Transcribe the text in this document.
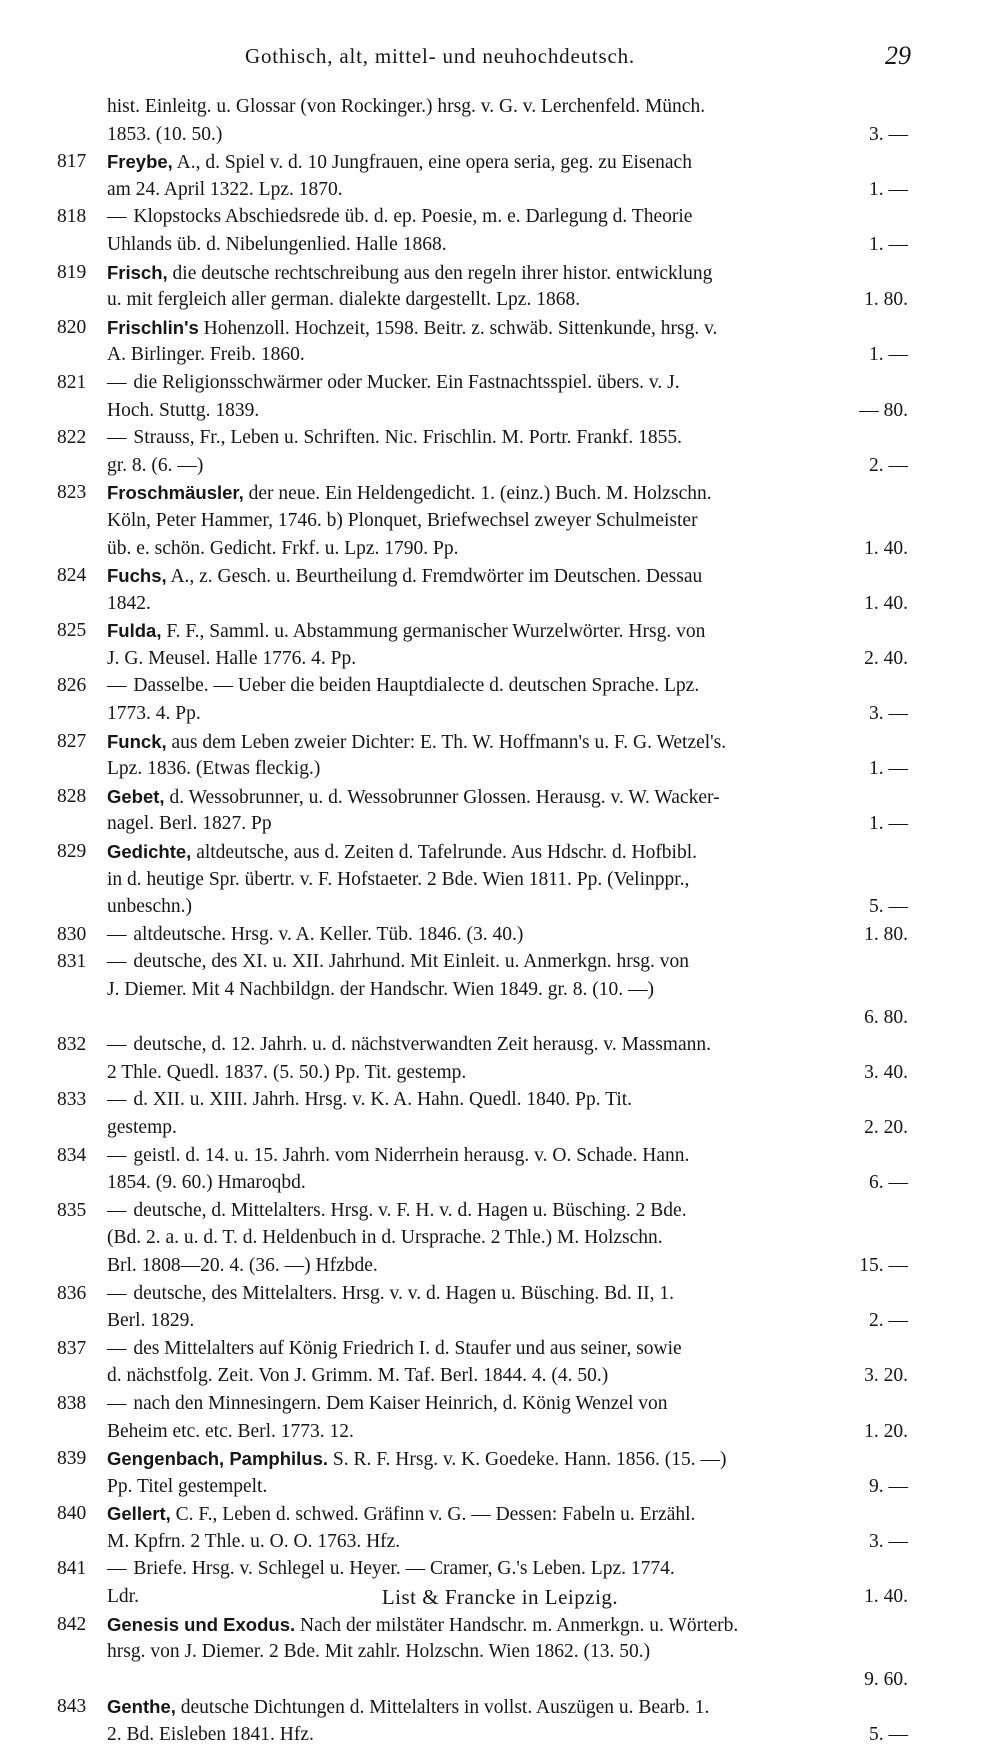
Gothisch, alt, mittel- und neuhochdeutsch.	29
hist. Einleitg. u. Glossar (von Rockinger.) hrsg. v. G. v. Lerchenfeld. Münch.
1853. (10. 50.)	3. —
817 Freybe, A., d. Spiel v. d. 10 Jungfrauen, eine opera seria, geg. zu Eisenach
am 24. April 1322. Lpz. 1870.	1. —
818 — Klopstocks Abschiedsrede üb. d. ep. Poesie, m. e. Darlegung d. Theorie
Uhlands üb. d. Nibelungenlied. Halle 1868.	1. —
819 Frisch, die deutsche rechtschreibung aus den regeln ihrer histor. entwicklung
u. mit fergleich aller german. dialekte dargestellt. Lpz. 1868.	1. 80.
820 Frischlin's Hohenzoll. Hochzeit, 1598. Beitr. z. schwäb. Sittenkunde, hrsg. v.
A. Birlinger. Freib. 1860.	1. —
821 — die Religionsschwärmer oder Mucker. Ein Fastnachtsspiel. übers. v. J.
Hoch. Stuttg. 1839.	— 80.
822 — Strauss, Fr., Leben u. Schriften. Nic. Frischlin. M. Portr. Frankf. 1855.
gr. 8. (6. —)	2. —
823 Froschmäusler, der neue. Ein Heldengedicht. 1. (einz.) Buch. M. Holzschn.
Köln, Peter Hammer, 1746. b) Plonquet, Briefwechsel zweyer Schulmeister
üb. e. schön. Gedicht. Frkf. u. Lpz. 1790. Pp.	1. 40.
824 Fuchs, A., z. Gesch. u. Beurtheilung d. Fremdwörter im Deutschen. Dessau
1842.	1. 40.
825 Fulda, F. F., Samml. u. Abstammung germanischer Wurzelwörter. Hrsg. von
J. G. Meusel. Halle 1776. 4. Pp.	2. 40.
826 — Dasselbe. — Ueber die beiden Hauptdialecte d. deutschen Sprache. Lpz.
1773. 4. Pp.	3. —
827 Funck, aus dem Leben zweier Dichter: E. Th. W. Hoffmann's u. F. G. Wetzel's.
Lpz. 1836. (Etwas fleckig.)	1. —
828 Gebet, d. Wessobrunner, u. d. Wessobrunner Glossen. Herausg. v. W. Wacker-
nagel. Berl. 1827. Pp	1. —
829 Gedichte, altdeutsche, aus d. Zeiten d. Tafelrunde. Aus Hdschr. d. Hofbibl.
in d. heutige Spr. übertr. v. F. Hofstaeter. 2 Bde. Wien 1811. Pp. (Velinppr.,
unbeschn.)	5. —
830 — altdeutsche. Hrsg. v. A. Keller. Tüb. 1846. (3. 40.)	1. 80.
831 — deutsche, des XI. u. XII. Jahrhund. Mit Einleit. u. Anmerkgn. hrsg. von
J. Diemer. Mit 4 Nachbildgn. der Handschr. Wien 1849. gr. 8. (10. —)
6. 80.
832 — deutsche, d. 12. Jahrh. u. d. nächstverwandten Zeit herausg. v. Massmann.
2 Thle. Quedl. 1837. (5. 50.) Pp. Tit. gestemp.	3. 40.
833 — d. XII. u. XIII. Jahrh. Hrsg. v. K. A. Hahn. Quedl. 1840. Pp. Tit.
gestemp.	2. 20.
834 — geistl. d. 14. u. 15. Jahrh. vom Niderrhein herausg. v. O. Schade. Hann.
1854. (9. 60.) Hmaroqbd.	6. —
835 — deutsche, d. Mittelalters. Hrsg. v. F. H. v. d. Hagen u. Büsching. 2 Bde.
(Bd. 2. a. u. d. T. d. Heldenbuch in d. Ursprache. 2 Thle.) M. Holzschn.
Brl. 1808—20. 4. (36. —) Hfzbde.	15. —
836 — deutsche, des Mittelalters. Hrsg. v. v. d. Hagen u. Büsching. Bd. II, 1.
Berl. 1829.	2. —
837 — des Mittelalters auf König Friedrich I. d. Staufer und aus seiner, sowie
d. nächstfolg. Zeit. Von J. Grimm. M. Taf. Berl. 1844. 4. (4. 50.)	3. 20.
838 — nach den Minnesingern. Dem Kaiser Heinrich, d. König Wenzel von
Beheim etc. etc. Berl. 1773. 12.	1. 20.
839 Gengenbach, Pamphilus. S. R. F. Hrsg. v. K. Goedeke. Hann. 1856. (15. —)
Pp. Titel gestempelt.	9. —
840 Gellert, C. F., Leben d. schwed. Gräfinn v. G. — Dessen: Fabeln u. Erzähl.
M. Kpfrn. 2 Thle. u. O. O. 1763. Hfz.	3. —
841 — Briefe. Hrsg. v. Schlegel u. Heyer. — Cramer, G.'s Leben. Lpz. 1774.
Ldr.	1. 40.
842 Genesis und Exodus. Nach der milstäter Handschr. m. Anmerkgn. u. Wörterb.
hrsg. von J. Diemer. 2 Bde. Mit zahlr. Holzschn. Wien 1862. (13. 50.)
9. 60.
843 Genthe, deutsche Dichtungen d. Mittelalters in vollst. Auszügen u. Bearb. 1.
2. Bd. Eisleben 1841. Hfz.	5. —
List & Francke in Leipzig.
